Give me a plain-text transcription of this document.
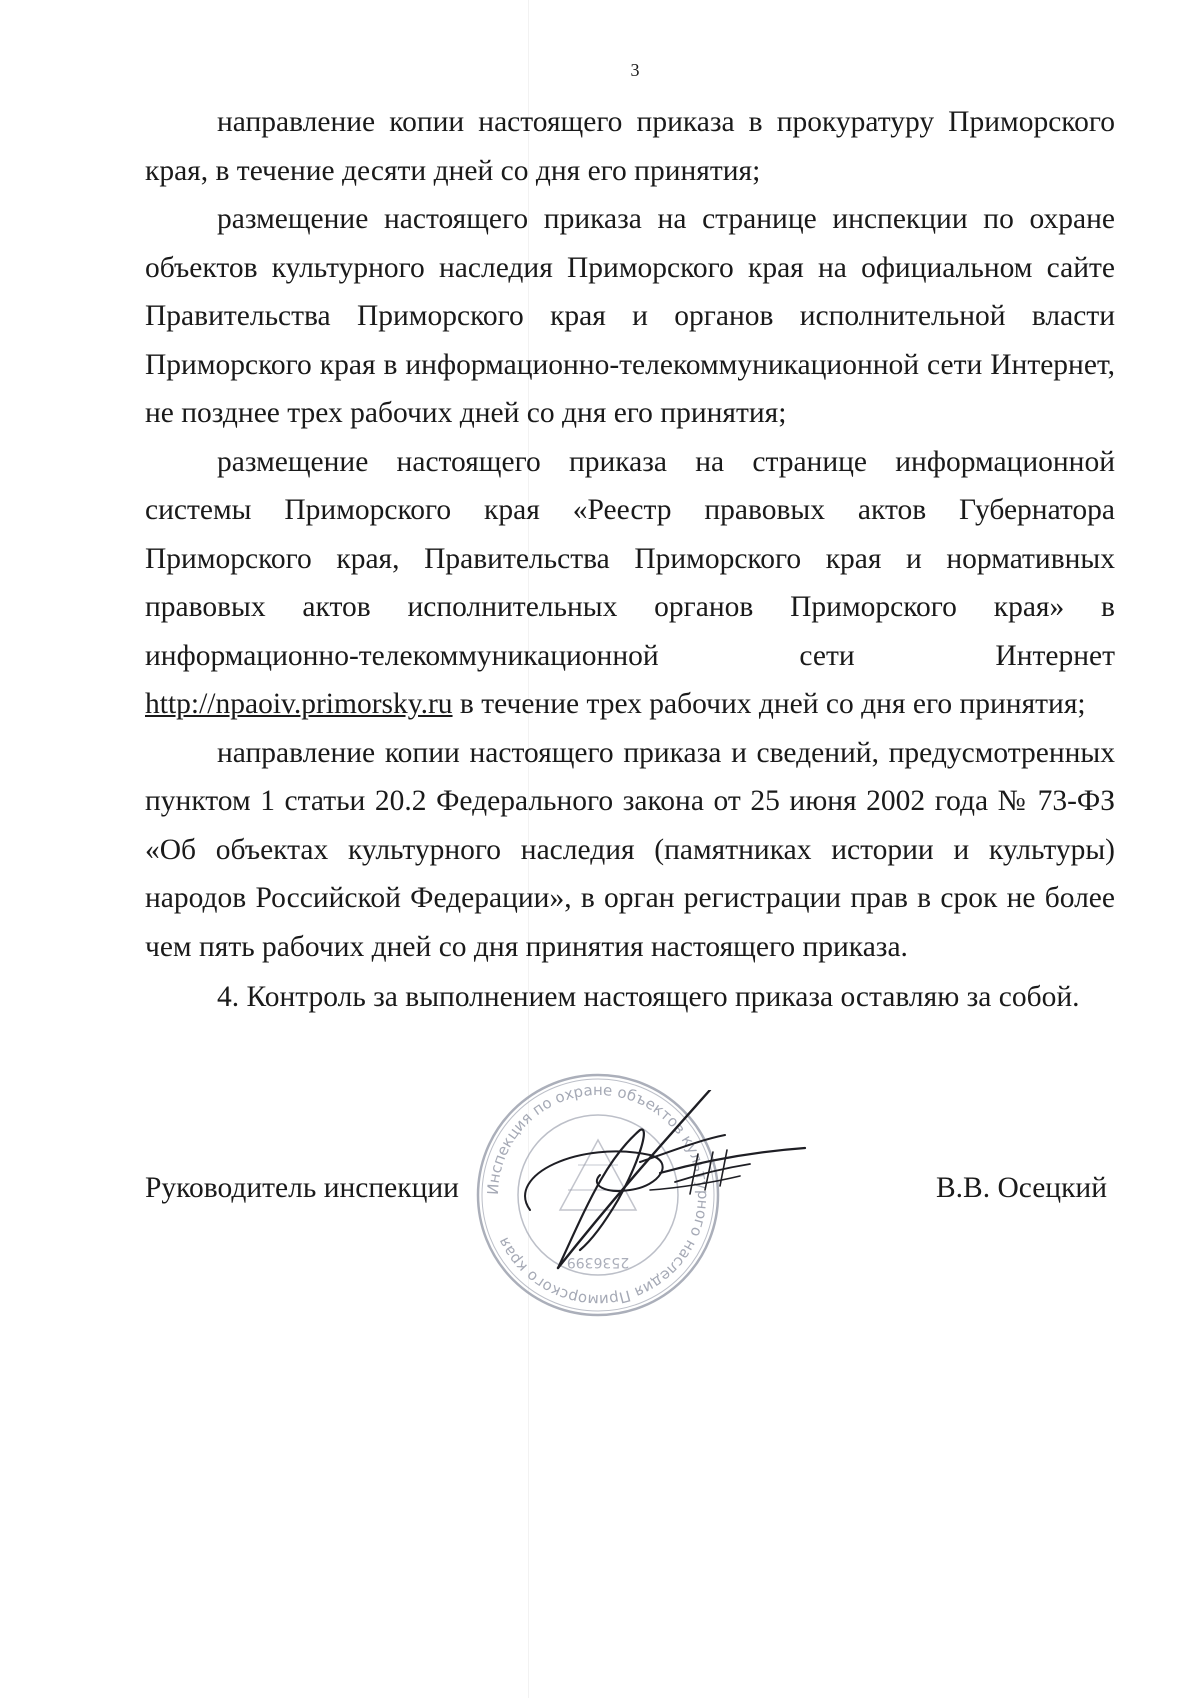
3

направление копии настоящего приказа в прокуратуру Приморского края, в течение десяти дней со дня его принятия;

размещение настоящего приказа на странице инспекции по охране объектов культурного наследия Приморского края на официальном сайте Правительства Приморского края и органов исполнительной власти Приморского края в информационно-телекоммуникационной сети Интернет, не позднее трех рабочих дней со дня его принятия;

размещение настоящего приказа на странице информационной системы Приморского края «Реестр правовых актов Губернатора Приморского края, Правительства Приморского края и нормативных правовых актов исполнительных органов Приморского края» в информационно-телекоммуникационной сети Интернет http://npaoiv.primorsky.ru в течение трех рабочих дней со дня его принятия;

направление копии настоящего приказа и сведений, предусмотренных пунктом 1 статьи 20.2 Федерального закона от 25 июня 2002 года № 73-ФЗ «Об объектах культурного наследия (памятниках истории и культуры) народов Российской Федерации», в орган регистрации прав в срок не более чем пять рабочих дней со дня принятия настоящего приказа.

4. Контроль за выполнением настоящего приказа оставляю за собой.

Инспекция по охране объектов культурного наследия Приморского края
2536399
Руководитель инспекции	В.В. Осецкий
